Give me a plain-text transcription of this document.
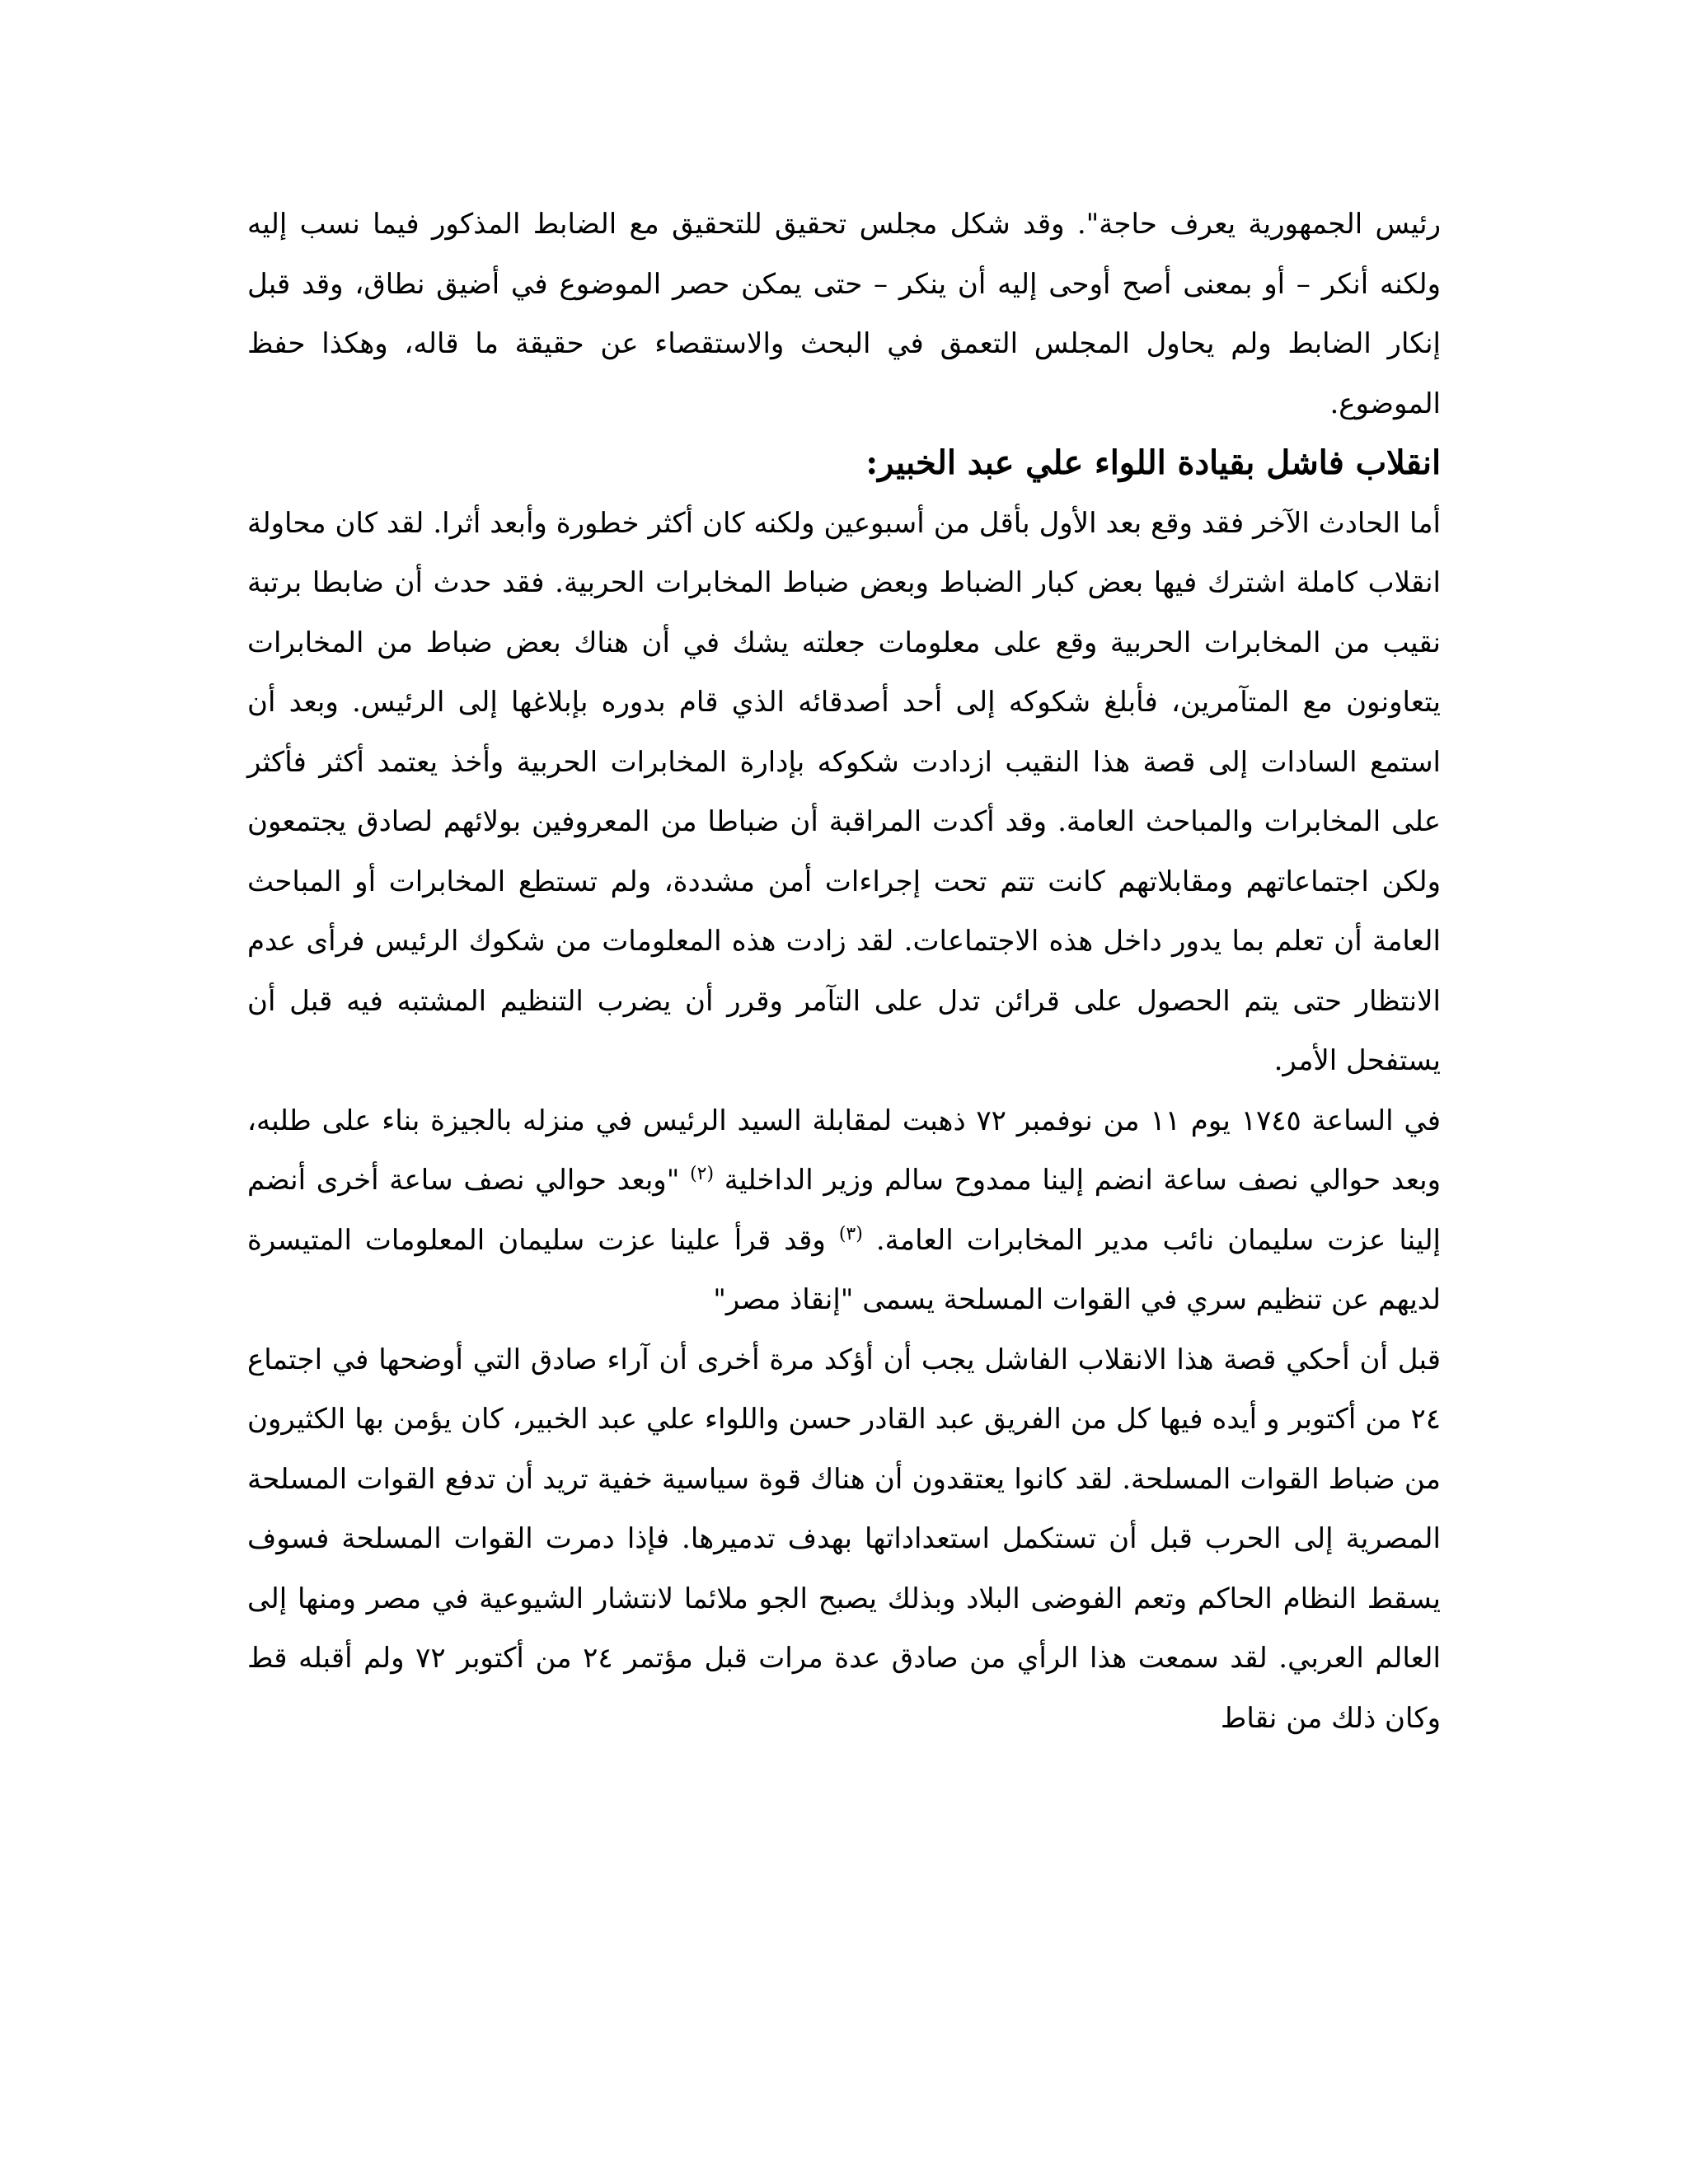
رئيس الجمهورية يعرف حاجة". وقد شكل مجلس تحقيق للتحقيق مع الضابط المذكور فيما نسب إليه ولكنه أنكر – أو بمعنى أصح أوحى إليه أن ينكر – حتى يمكن حصر الموضوع في أضيق نطاق، وقد قبل إنكار الضابط ولم يحاول المجلس التعمق في البحث والاستقصاء عن حقيقة ما قاله، وهكذا حفظ الموضوع.

انقلاب فاشل بقيادة اللواء علي عبد الخبير:

أما الحادث الآخر فقد وقع بعد الأول بأقل من أسبوعين ولكنه كان أكثر خطورة وأبعد أثرا. لقد كان محاولة انقلاب كاملة اشترك فيها بعض كبار الضباط وبعض ضباط المخابرات الحربية. فقد حدث أن ضابطا برتبة نقيب من المخابرات الحربية وقع على معلومات جعلته يشك في أن هناك بعض ضباط من المخابرات يتعاونون مع المتآمرين، فأبلغ شكوكه إلى أحد أصدقائه الذي قام بدوره بإبلاغها إلى الرئيس. وبعد أن استمع السادات إلى قصة هذا النقيب ازدادت شكوكه بإدارة المخابرات الحربية وأخذ يعتمد أكثر فأكثر على المخابرات والمباحث العامة. وقد أكدت المراقبة أن ضباطا من المعروفين بولائهم لصادق يجتمعون ولكن اجتماعاتهم ومقابلاتهم كانت تتم تحت إجراءات أمن مشددة، ولم تستطع المخابرات أو المباحث العامة أن تعلم بما يدور داخل هذه الاجتماعات. لقد زادت هذه المعلومات من شكوك الرئيس فرأى عدم الانتظار حتى يتم الحصول على قرائن تدل على التآمر وقرر أن يضرب التنظيم المشتبه فيه قبل أن يستفحل الأمر.

في الساعة ١٧٤٥ يوم ١١ من نوفمبر ٧٢ ذهبت لمقابلة السيد الرئيس في منزله بالجيزة بناء على طلبه، وبعد حوالي نصف ساعة انضم إلينا ممدوح سالم وزير الداخلية $^{(٢)}$ "وبعد حوالي نصف ساعة أخرى أنضم إلينا عزت سليمان نائب مدير المخابرات العامة. $^{(٣)}$ وقد قرأ علينا عزت سليمان المعلومات المتيسرة لديهم عن تنظيم سري في القوات المسلحة يسمى "إنقاذ مصر"

قبل أن أحكي قصة هذا الانقلاب الفاشل يجب أن أؤكد مرة أخرى أن آراء صادق التي أوضحها في اجتماع ٢٤ من أكتوبر و أيده فيها كل من الفريق عبد القادر حسن واللواء علي عبد الخبير، كان يؤمن بها الكثيرون من ضباط القوات المسلحة. لقد كانوا يعتقدون أن هناك قوة سياسية خفية تريد أن تدفع القوات المسلحة المصرية إلى الحرب قبل أن تستكمل استعداداتها بهدف تدميرها. فإذا دمرت القوات المسلحة فسوف يسقط النظام الحاكم وتعم الفوضى البلاد وبذلك يصبح الجو ملائما لانتشار الشيوعية في مصر ومنها إلى العالم العربي. لقد سمعت هذا الرأي من صادق عدة مرات قبل مؤتمر ٢٤ من أكتوبر ٧٢ ولم أقبله قط وكان ذلك من نقاط
